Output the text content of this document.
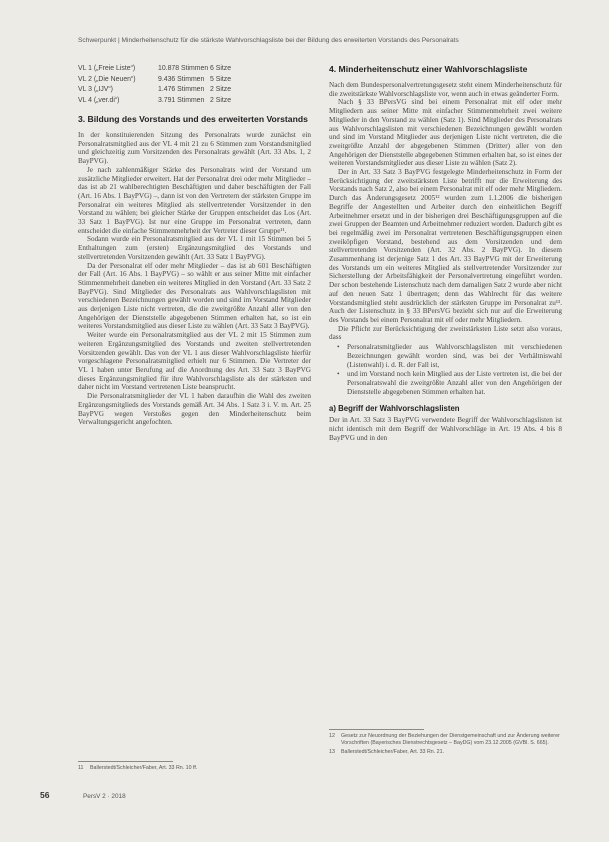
Schwerpunkt | Minderheitenschutz für die stärkste Wahlvorschlagsliste bei der Bildung des erweiterten Vorstands des Personalrats
VL 1 („Freie Liste“)	10.878 Stimmen 6 Sitze
VL 2 („Die Neuen“)	9.436 Stimmen 5 Sitze
VL 3 („IJV“)	1.476 Stimmen 2 Sitze
VL 4 („ver.di“)	3.791 Stimmen 2 Sitze
3. Bildung des Vorstands und des erweiterten Vorstands

In der konstituierenden Sitzung des Personalrats wurde zunächst ein Personalratsmitglied aus der VL 4 mit 21 zu 6 Stimmen zum Vorstandsmitglied und gleichzeitig zum Vorsitzenden des Personalrats gewählt (Art. 33 Abs. 1, 2 BayPVG).

Je nach zahlenmäßiger Stärke des Personalrats wird der Vorstand um zusätzliche Mitglieder erweitert. Hat der Personalrat drei oder mehr Mitglieder – das ist ab 21 wahlberechtigten Beschäftigten und daher beschäftigten der Fall (Art. 16 Abs. 1 BayPVG) –, dann ist von den Vertretern der stärksten Gruppe im Personalrat ein weiteres Mitglied als stellvertretender Vorsitzender in den Vorstand zu wählen; bei gleicher Stärke der Gruppen entscheidet das Los (Art. 33 Satz 1 BayPVG). Ist nur eine Gruppe im Personalrat vertreten, dann entscheidet die einfache Stimmenmehrheit der Vertreter dieser Gruppe¹¹.

Sodann wurde ein Personalratsmitglied aus der VL 1 mit 15 Stimmen bei 5 Enthaltungen zum (ersten) Ergänzungsmitglied des Vorstands und stellvertretenden Vorsitzenden gewählt (Art. 33 Satz 1 BayPVG).

Da der Personalrat elf oder mehr Mitglieder – das ist ab 601 Beschäftigten der Fall (Art. 16 Abs. 1 BayPVG) – so wählt er aus seiner Mitte mit einfacher Stimmenmehrheit daneben ein weiteres Mitglied in den Vorstand (Art. 33 Satz 2 BayPVG). Sind Mitglieder des Personalrats aus Wahlvorschlagslisten mit verschiedenen Bezeichnungen gewählt worden und sind im Vorstand Mitglieder aus derjenigen Liste nicht vertreten, die die zweitgrößte Anzahl aller von den Angehörigen der Dienststelle abgegebenen Stimmen erhalten hat, so ist ein weiteres Vorstandsmitglied aus dieser Liste zu wählen (Art. 33 Satz 3 BayPVG).

Weiter wurde ein Personalratsmitglied aus der VL 2 mit 15 Stimmen zum weiteren Ergänzungsmitglied des Vorstands und zweiten stellvertretenden Vorsitzenden gewählt. Das von der VL 1 aus dieser Wahlvorschlagsliste hierfür vorgeschlagene Personalratsmitglied erhielt nur 6 Stimmen. Die Vertreter der VL 1 haben unter Berufung auf die Anordnung des Art. 33 Satz 3 BayPVG dieses Ergänzungsmitglied für ihre Wahlvorschlagsliste als der stärksten und daher nicht im Vorstand vertretenen Liste beansprucht.

Die Personalratsmitglieder der VL 1 haben daraufhin die Wahl des zweiten Ergänzungsmitglieds des Vorstands gemäß Art. 34 Abs. 1 Satz 3 i. V. m. Art. 25 BayPVG wegen Verstoßes gegen den Minderheitenschutz beim Verwaltungsgericht angefochten.

4. Minderheitenschutz einer Wahlvorschlagsliste

Nach dem Bundespersonalvertretungsgesetz steht einem Minderheitenschutz für die zweitstärkste Wahlvorschlagsliste vor, wenn auch in etwas geänderter Form.

Nach § 33 BPersVG sind bei einem Personalrat mit elf oder mehr Mitgliedern aus seiner Mitte mit einfacher Stimmenmehrheit zwei weitere Mitglieder in den Vorstand zu wählen (Satz 1). Sind Mitglieder des Personalrats aus Wahlvorschlagslisten mit verschiedenen Bezeichnungen gewählt worden und sind im Vorstand Mitglieder aus derjenigen Liste nicht vertreten, die die zweitgrößte Anzahl der abgegebenen Stimmen (Dritter) aller von den Angehörigen der Dienststelle abgegebenen Stimmen erhalten hat, so ist eines der weiteren Vorstandsmitglieder aus dieser Liste zu wählen (Satz 2).

Der in Art. 33 Satz 3 BayPVG festgelegte Minderheitenschutz in Form der Berücksichtigung der zweitstärksten Liste betrifft nur die Erweiterung des Vorstands nach Satz 2, also bei einem Personalrat mit elf oder mehr Mitgliedern. Durch das Änderungsgesetz 2005¹² wurden zum 1.1.2006 die bisherigen Begriffe der Angestellten und Arbeiter durch den einheitlichen Begriff Arbeitnehmer ersetzt und in der bisherigen drei Beschäftigungsgruppen auf die zwei Gruppen der Beamten und Arbeitnehmer reduziert worden. Dadurch gibt es bei regelmäßig zwei im Personalrat vertretenen Beschäftigungsgruppen einen zweiköpfigen Vorstand, bestehend aus dem Vorsitzenden und dem stellvertretenden Vorsitzenden (Art. 32 Abs. 2 BayPVG). In diesem Zusammenhang ist derjenige Satz 1 des Art. 33 BayPVG mit der Erweiterung des Vorstands um ein weiteres Mitglied als stellvertretender Vorsitzender zur Sicherstellung der Arbeitsfähigkeit der Personalvertretung eingeführt worden. Der schon bestehende Listenschutz nach dem damaligen Satz 2 wurde aber nicht auf den neuen Satz 1 übertragen; denn das Wahlrecht für das weitere Vorstandsmitglied steht ausdrücklich der stärksten Gruppe im Personalrat zu¹³. Auch der Listenschutz in § 33 BPersVG bezieht sich nur auf die Erweiterung des Vorstands bei einem Personalrat mit elf oder mehr Mitgliedern.

Die Pflicht zur Berücksichtigung der zweitstärksten Liste setzt also voraus, dass

• Personalratsmitglieder aus Wahlvorschlagslisten mit verschiedenen Bezeichnungen gewählt worden sind, was bei der Verhältniswahl (Listenwahl) i. d. R. der Fall ist,
• und im Vorstand noch kein Mitglied aus der Liste vertreten ist, die bei der Personalratswahl die zweitgrößte Anzahl aller von den Angehörigen der Dienststelle abgegebenen Stimmen erhalten hat.
a) Begriff der Wahlvorschlagslisten

Der in Art. 33 Satz 3 BayPVG verwendete Begriff der Wahlvorschlagslisten ist nicht identisch mit dem Begriff der Wahlvorschläge in Art. 19 Abs. 4 bis 8 BayPVG und in den

11	Ballerstedt/Schleicher/Faber, Art. 33 Rn. 10 ff.
12	Gesetz zur Neuordnung der Beziehungen der Dienstgemeinschaft und zur Änderung weiterer Vorschriften (Bayerisches Dienstrechtsgesetz – BayDG) vom 23.12.2005 (GVBl. S. 665).
13	Ballerstedt/Schleicher/Faber, Art. 33 Rn. 21.
56	PersV 2 · 2018
